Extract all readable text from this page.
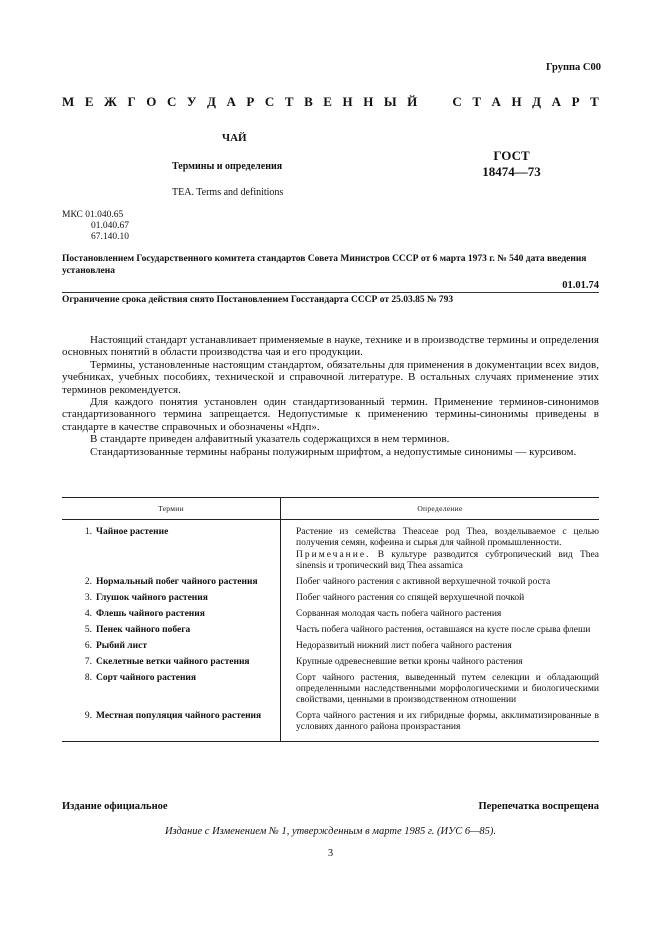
Группа С00
М Е Ж Г О С У Д А Р С Т В Е Н Н Ы Й	С Т А Н Д А Р Т
ЧАЙ
Термины и определения
TEA. Terms and definitions
ГОСТ
18474—73
МКС 01.040.65
01.040.67
67.140.10
Постановлением Государственного комитета стандартов Совета Министров СССР от 6 марта 1973 г. № 540 дата введения установлена
01.01.74
Ограничение срока действия снято Постановлением Госстандарта СССР от 25.03.85 № 793

Настоящий стандарт устанавливает применяемые в науке, технике и в производстве термины и определения основных понятий в области производства чая и его продукции.

Термины, установленные настоящим стандартом, обязательны для применения в документации всех видов, учебниках, учебных пособиях, технической и справочной литературе. В остальных случаях применение этих терминов рекомендуется.

Для каждого понятия установлен один стандартизованный термин. Применение терминов-синонимов стандартизованного термина запрещается. Недопустимые к применению термины-синонимы приведены в стандарте в качестве справочных и обозначены «Ндп».

В стандарте приведен алфавитный указатель содержащихся в нем терминов.

Стандартизованные термины набраны полужирным шрифтом, а недопустимые синонимы — курсивом.

Термин	Определение
1. Чайное растение	Растение из семейства Theaceae род Thea, возделываемое с целью получения семян, кофеина и сырья для чайной промышленности.
Примечание. В культуре разводится субтропический вид Thea sinensis и тропический вид Thea assamica

2. Нормальный побег чайного растения	Побег чайного растения с активной верхушечной точкой роста
3. Глушок чайного растения	Побег чайного растения со спящей верхушечной почкой
4. Флешь чайного растения	Сорванная молодая часть побега чайного растения
5. Пенек чайного побега	Часть побега чайного растения, оставшаяся на кусте после срыва флеши
6. Рыбий лист	Недоразвитый нижний лист побега чайного растения
7. Скелетные ветки чайного растения	Крупные одревесневшие ветки кроны чайного растения
8. Сорт чайного растения	Сорт чайного растения, выведенный путем селекции и обладающий определенными наследственными морфологическими и биологическими свойствами, ценными в производственном отношении
9. Местная популяция чайного растения	Сорта чайного растения и их гибридные формы, акклиматизированные в условиях данного района произрастания
Издание официальное	Перепечатка воспрещена
Издание с Изменением № 1, утвержденным в марте 1985 г. (ИУС 6—85).
3
